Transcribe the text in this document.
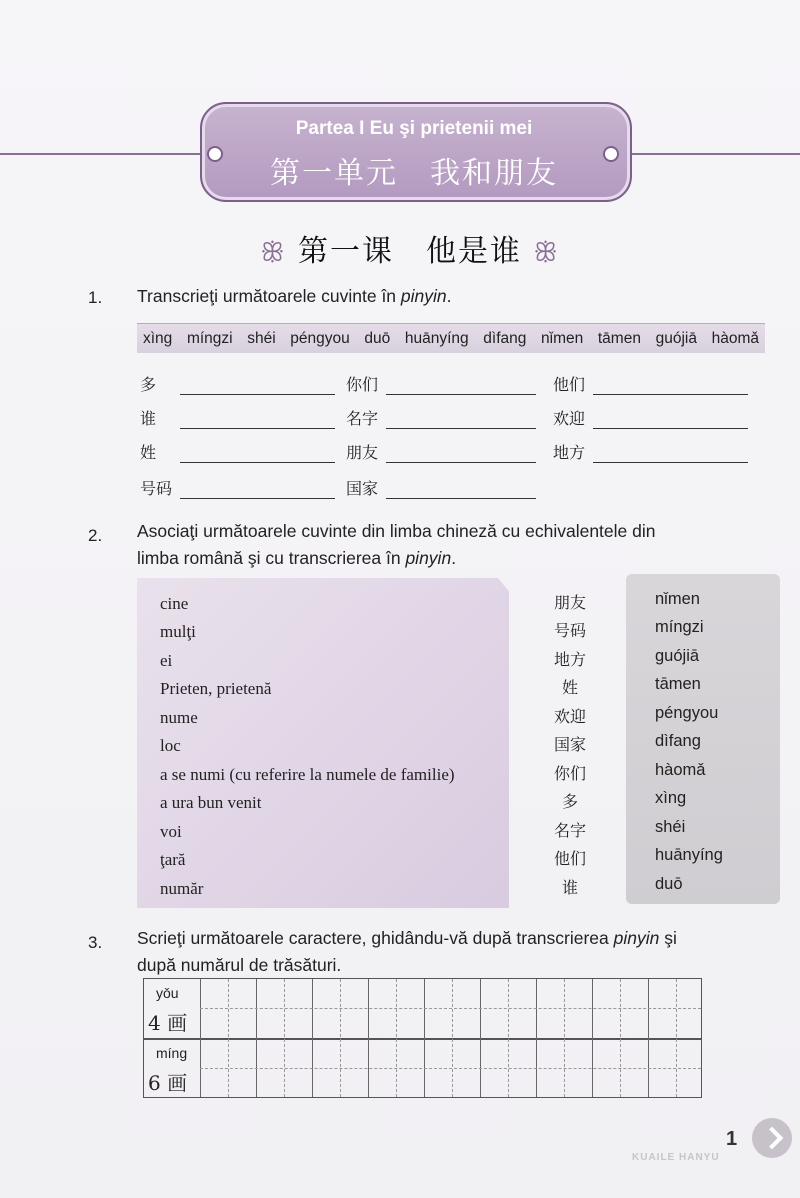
Partea I Eu şi prietenii mei
第一单元　我和朋友
ꕥ 第一课　他是谁 ꕥ
1. Transcrieţi următoarele cuvinte în pinyin.
xìng míngzi shéi péngyou duō huānyíng dìfang nǐmen tāmen guójiā hàomǎ
多	你们	他们
谁	名字	欢迎
姓	朋友	地方
号码	国家
2. Asociaţi următoarele cuvinte din limba chineză cu echivalentele din
limba română şi cu transcrierea în pinyin.
cine
mulţi
ei
Prieten, prietenă
nume
loc
a se numi (cu referire la numele de familie)
a ura bun venit
voi
ţară
număr
朋友
号码
地方
姓
欢迎
国家
你们
多
名字
他们
谁
nǐmen
míngzi
guójiā
tāmen
péngyou
dìfang
hàomǎ
xìng
shéi
huānyíng
duō
3. Scrieţi următoarele caractere, ghidându-vă după transcrierea pinyin şi
după numărul de trăsături.
yǒu
4 画
míng
6 画
1
KUAILE HANYU
